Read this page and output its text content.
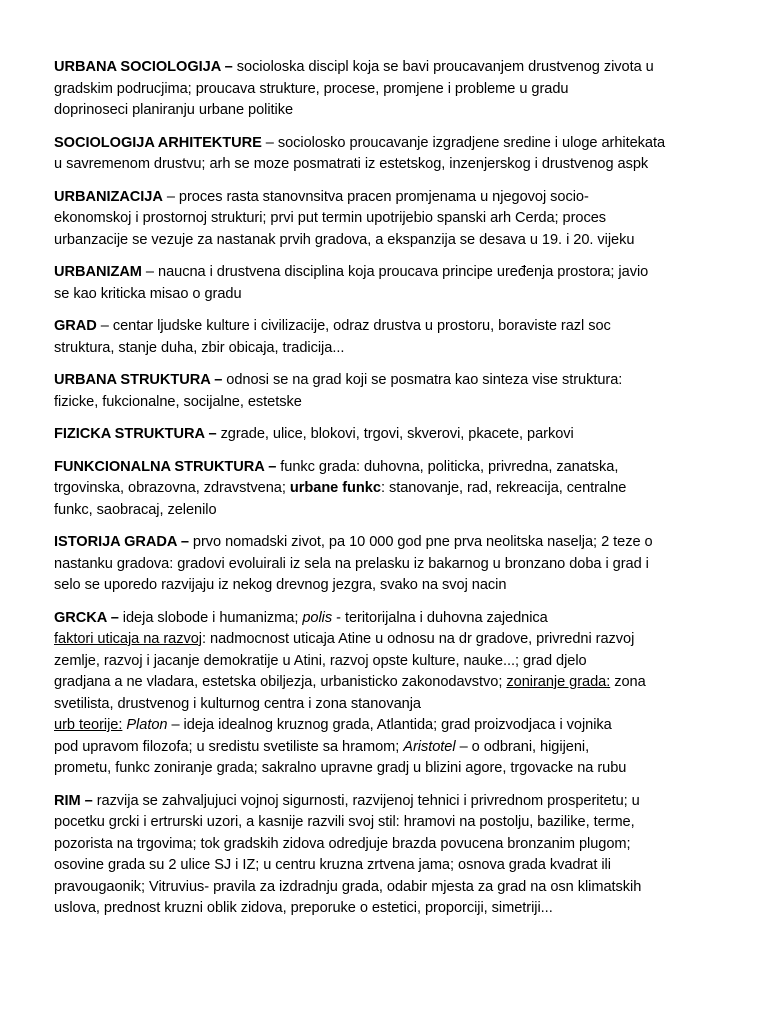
URBANA SOCIOLOGIJA – socioloska discipl koja se bavi proucavanjem drustvenog zivota u
gradskim podrucjima; proucava strukture, procese, promjene i probleme u gradu
doprinoseci planiranju urbane politike
SOCIOLOGIJA ARHITEKTURE – sociolosko proucavanje izgradjene sredine i uloge arhitekata
u savremenom drustvu; arh se moze posmatrati iz estetskog, inzenjerskog i drustvenog aspk
URBANIZACIJA – proces rasta stanovnsitva pracen promjenama u njegovoj socio-
ekonomskoj i prostornoj strukturi; prvi put termin upotrijebio spanski arh Cerda; proces
urbanzacije se vezuje za nastanak prvih gradova, a ekspanzija se desava u 19. i 20. vijeku
URBANIZAM – naucna i drustvena disciplina koja proucava principe uređenja prostora; javio
se kao kriticka misao o gradu
GRAD – centar ljudske kulture i civilizacije, odraz drustva u prostoru, boraviste razl soc
struktura, stanje duha, zbir obicaja, tradicija...
URBANA STRUKTURA – odnosi se na grad koji se posmatra kao sinteza vise struktura:
fizicke, fukcionalne, socijalne, estetske
FIZICKA STRUKTURA – zgrade, ulice, blokovi, trgovi, skverovi, pkacete, parkovi
FUNKCIONALNA STRUKTURA – funkc grada: duhovna, politicka, privredna, zanatska,
trgovinska, obrazovna, zdravstvena; urbane funkc: stanovanje, rad, rekreacija, centralne
funkc, saobracaj, zelenilo
ISTORIJA GRADA – prvo nomadski zivot, pa 10 000 god pne prva neolitska naselja; 2 teze o
nastanku gradova: gradovi evoluirali iz sela na prelasku iz bakarnog u bronzano doba i grad i
selo se uporedo razvijaju iz nekog drevnog jezgra, svako na svoj nacin
GRCKA – ideja slobode i humanizma; polis - teritorijalna i duhovna zajednica
faktori uticaja na razvoj: nadmocnost uticaja Atine u odnosu na dr gradove, privredni razvoj
zemlje, razvoj i jacanje demokratije u Atini, razvoj opste kulture, nauke...; grad djelo
gradjana a ne vladara, estetska obiljezja, urbanisticko zakonodavstvo; zoniranje grada: zona
svetilista, drustvenog i kulturnog centra i zona stanovanja
urb teorije: Platon – ideja idealnog kruznog grada, Atlantida; grad proizvodjaca i vojnika
pod upravom filozofa; u sredistu svetiliste sa hramom; Aristotel – o odbrani, higijeni,
prometu, funkc zoniranje grada; sakralno upravne gradj u blizini agore, trgovacke na rubu
RIM – razvija se zahvaljujuci vojnoj sigurnosti, razvijenoj tehnici i privrednom prosperitetu; u
pocetku grcki i ertrurski uzori, a kasnije razvili svoj stil: hramovi na postolju, bazilike, terme,
pozorista na trgovima; tok gradskih zidova odredjuje brazda povucena bronzanim plugom;
osovine grada su 2 ulice SJ i IZ; u centru kruzna zrtvena jama; osnova grada kvadrat ili
pravougaonik; Vitruvius- pravila za izdradnju grada, odabir mjesta za grad na osn klimatskih
uslova, prednost kruzni oblik zidova, preporuke o estetici, proporciji, simetriji...
